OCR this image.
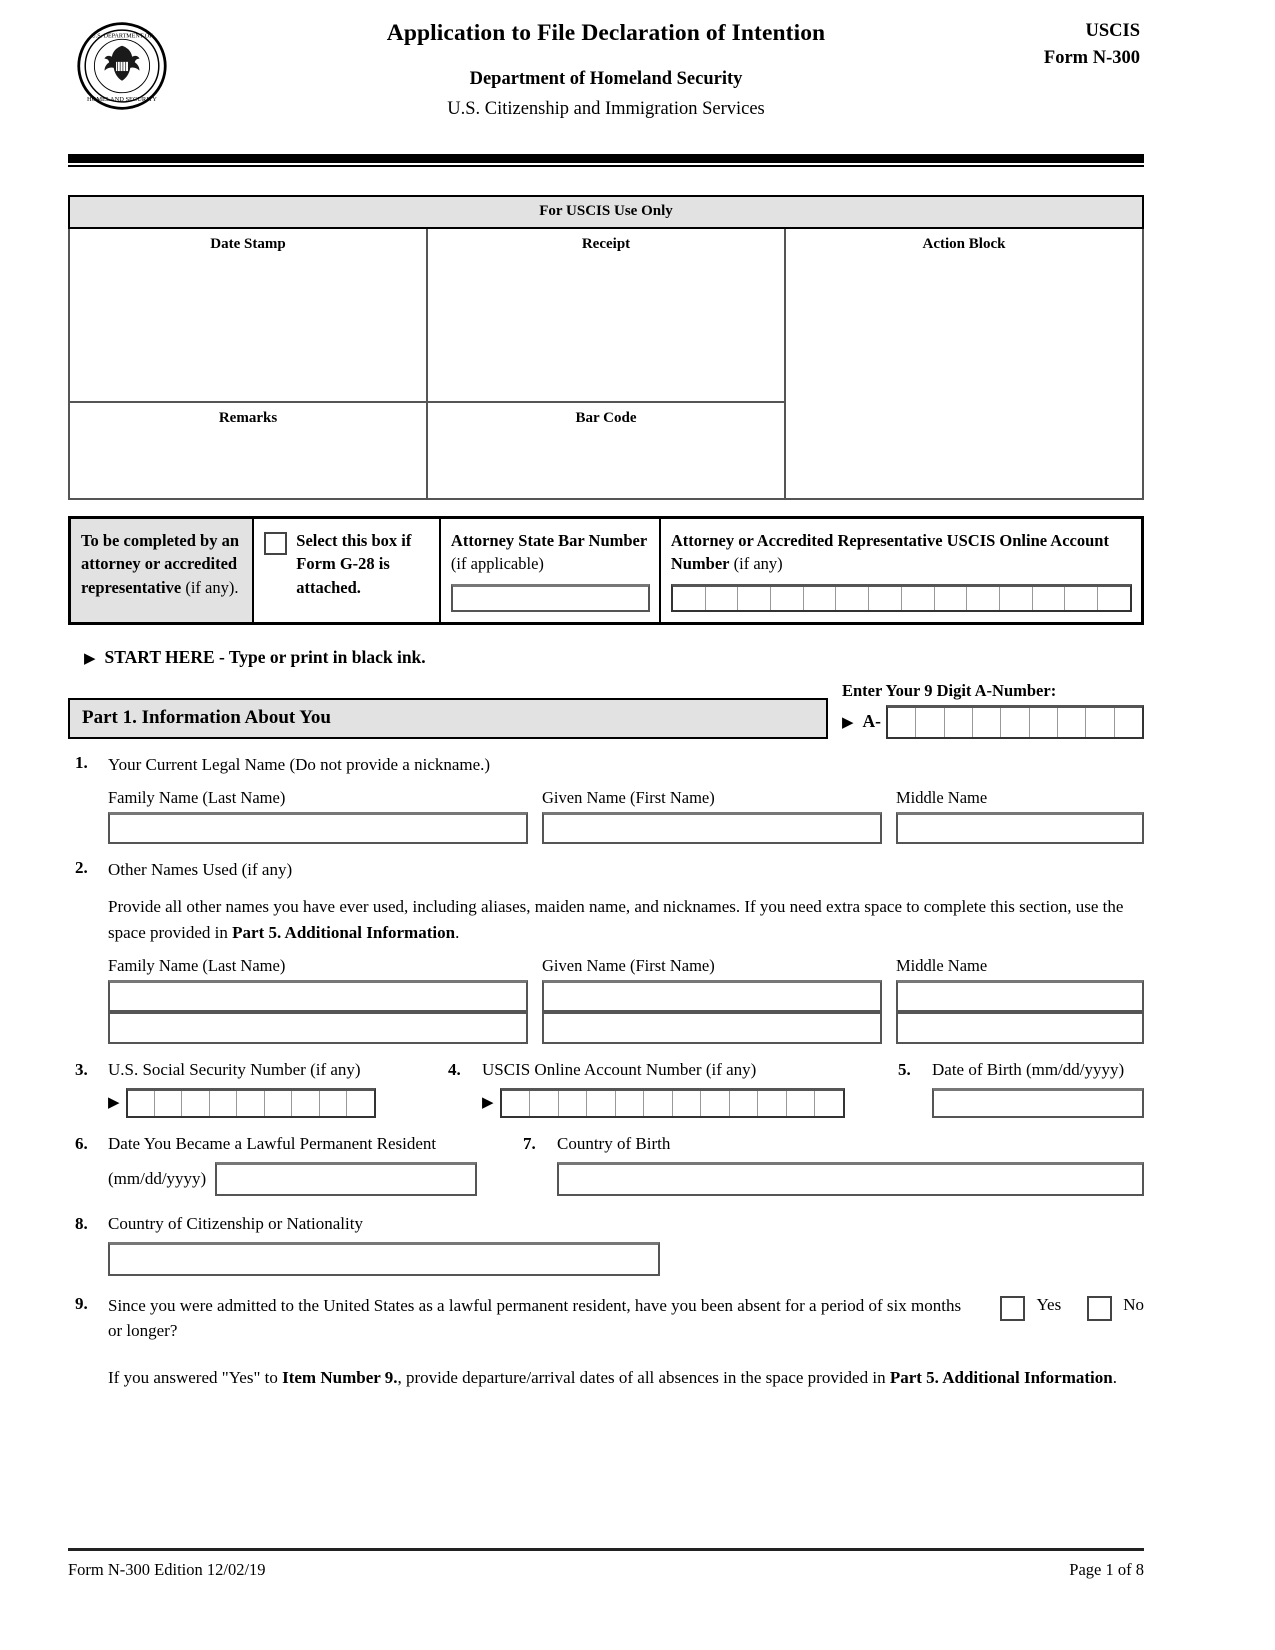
U.S. DEPARTMENT OF
HOMELAND SECURITY
Application to File Declaration of Intention
Department of Homeland Security
U.S. Citizenship and Immigration Services
USCIS
Form N-300
For USCIS Use Only		
Date Stamp	Receipt	Action Block
Remarks	Bar Code	
To be completed by an attorney or accredited representative (if any).
Select this box if Form G-28 is attached.
Attorney State Bar Number
(if applicable)
Attorney or Accredited Representative USCIS Online Account Number (if any)
▶ START HERE - Type or print in black ink.
Part 1. Information About You
Enter Your 9 Digit A-Number:
▶ A-
1.	Your Current Legal Name (Do not provide a nickname.)
Family Name (Last Name)	Given Name (First Name)	Middle Name
2.	Other Names Used (if any)
Provide all other names you have ever used, including aliases, maiden name, and nicknames. If you need extra space to complete this section, use the space provided in Part 5. Additional Information.
Family Name (Last Name)	Given Name (First Name)	Middle Name
3.	U.S. Social Security Number (if any)
▶
4.	USCIS Online Account Number (if any)
▶
5.	Date of Birth (mm/dd/yyyy)
6.	Date You Became a Lawful Permanent Resident
(mm/dd/yyyy)
7.	Country of Birth
8.	Country of Citizenship or Nationality
9.	Since you were admitted to the United States as a lawful permanent resident, have you been absent for a period of six months or longer?
Yes	No
If you answered "Yes" to Item Number 9., provide departure/arrival dates of all absences in the space provided in Part 5. Additional Information.
Form N-300 Edition 12/02/19	Page 1 of 8
